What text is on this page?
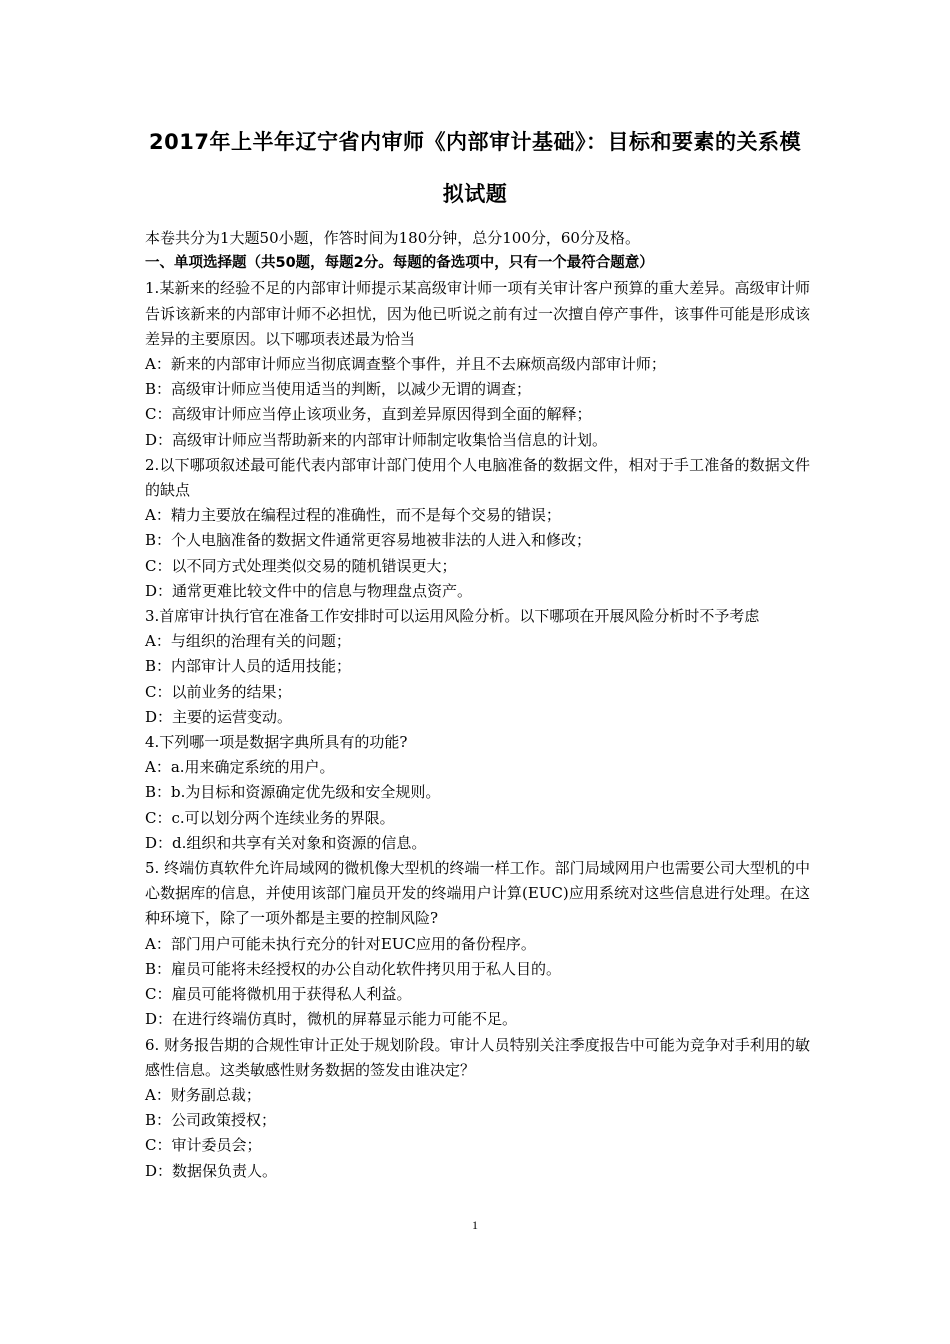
2017年上半年辽宁省内审师《内部审计基础》：目标和要素的关系模
拟试题
本卷共分为1大题50小题，作答时间为180分钟，总分100分，60分及格。
一、单项选择题（共50题，每题2分。每题的备选项中，只有一个最符合题意）
1.某新来的经验不足的内部审计师提示某高级审计师一项有关审计客户预算的重大差异。高级审计师告诉该新来的内部审计师不必担忧，因为他已听说之前有过一次擅自停产事件，该事件可能是形成该差异的主要原因。以下哪项表述最为恰当
A：新来的内部审计师应当彻底调查整个事件，并且不去麻烦高级内部审计师；
B：高级审计师应当使用适当的判断，以减少无谓的调查；
C：高级审计师应当停止该项业务，直到差异原因得到全面的解释；
D：高级审计师应当帮助新来的内部审计师制定收集恰当信息的计划。
2.以下哪项叙述最可能代表内部审计部门使用个人电脑准备的数据文件，相对于手工准备的数据文件的缺点
A：精力主要放在编程过程的准确性，而不是每个交易的错误；
B：个人电脑准备的数据文件通常更容易地被非法的人进入和修改；
C：以不同方式处理类似交易的随机错误更大；
D：通常更难比较文件中的信息与物理盘点资产。
3.首席审计执行官在准备工作安排时可以运用风险分析。以下哪项在开展风险分析时不予考虑
A：与组织的治理有关的问题；
B：内部审计人员的适用技能；
C：以前业务的结果；
D：主要的运营变动。
4.下列哪一项是数据字典所具有的功能?
A：a.用来确定系统的用户。
B：b.为目标和资源确定优先级和安全规则。
C：c.可以划分两个连续业务的界限。
D：d.组织和共享有关对象和资源的信息。
5. 终端仿真软件允许局域网的微机像大型机的终端一样工作。部门局域网用户也需要公司大型机的中心数据库的信息，并使用该部门雇员开发的终端用户计算(EUC)应用系统对这些信息进行处理。在这种环境下，除了一项外都是主要的控制风险?
A：部门用户可能未执行充分的针对EUC应用的备份程序。
B：雇员可能将未经授权的办公自动化软件拷贝用于私人目的。
C：雇员可能将微机用于获得私人利益。
D：在进行终端仿真时，微机的屏幕显示能力可能不足。
6. 财务报告期的合规性审计正处于规划阶段。审计人员特别关注季度报告中可能为竞争对手利用的敏感性信息。这类敏感性财务数据的签发由谁决定？
A：财务副总裁；
B：公司政策授权；
C：审计委员会；
D：数据保负责人。
1
